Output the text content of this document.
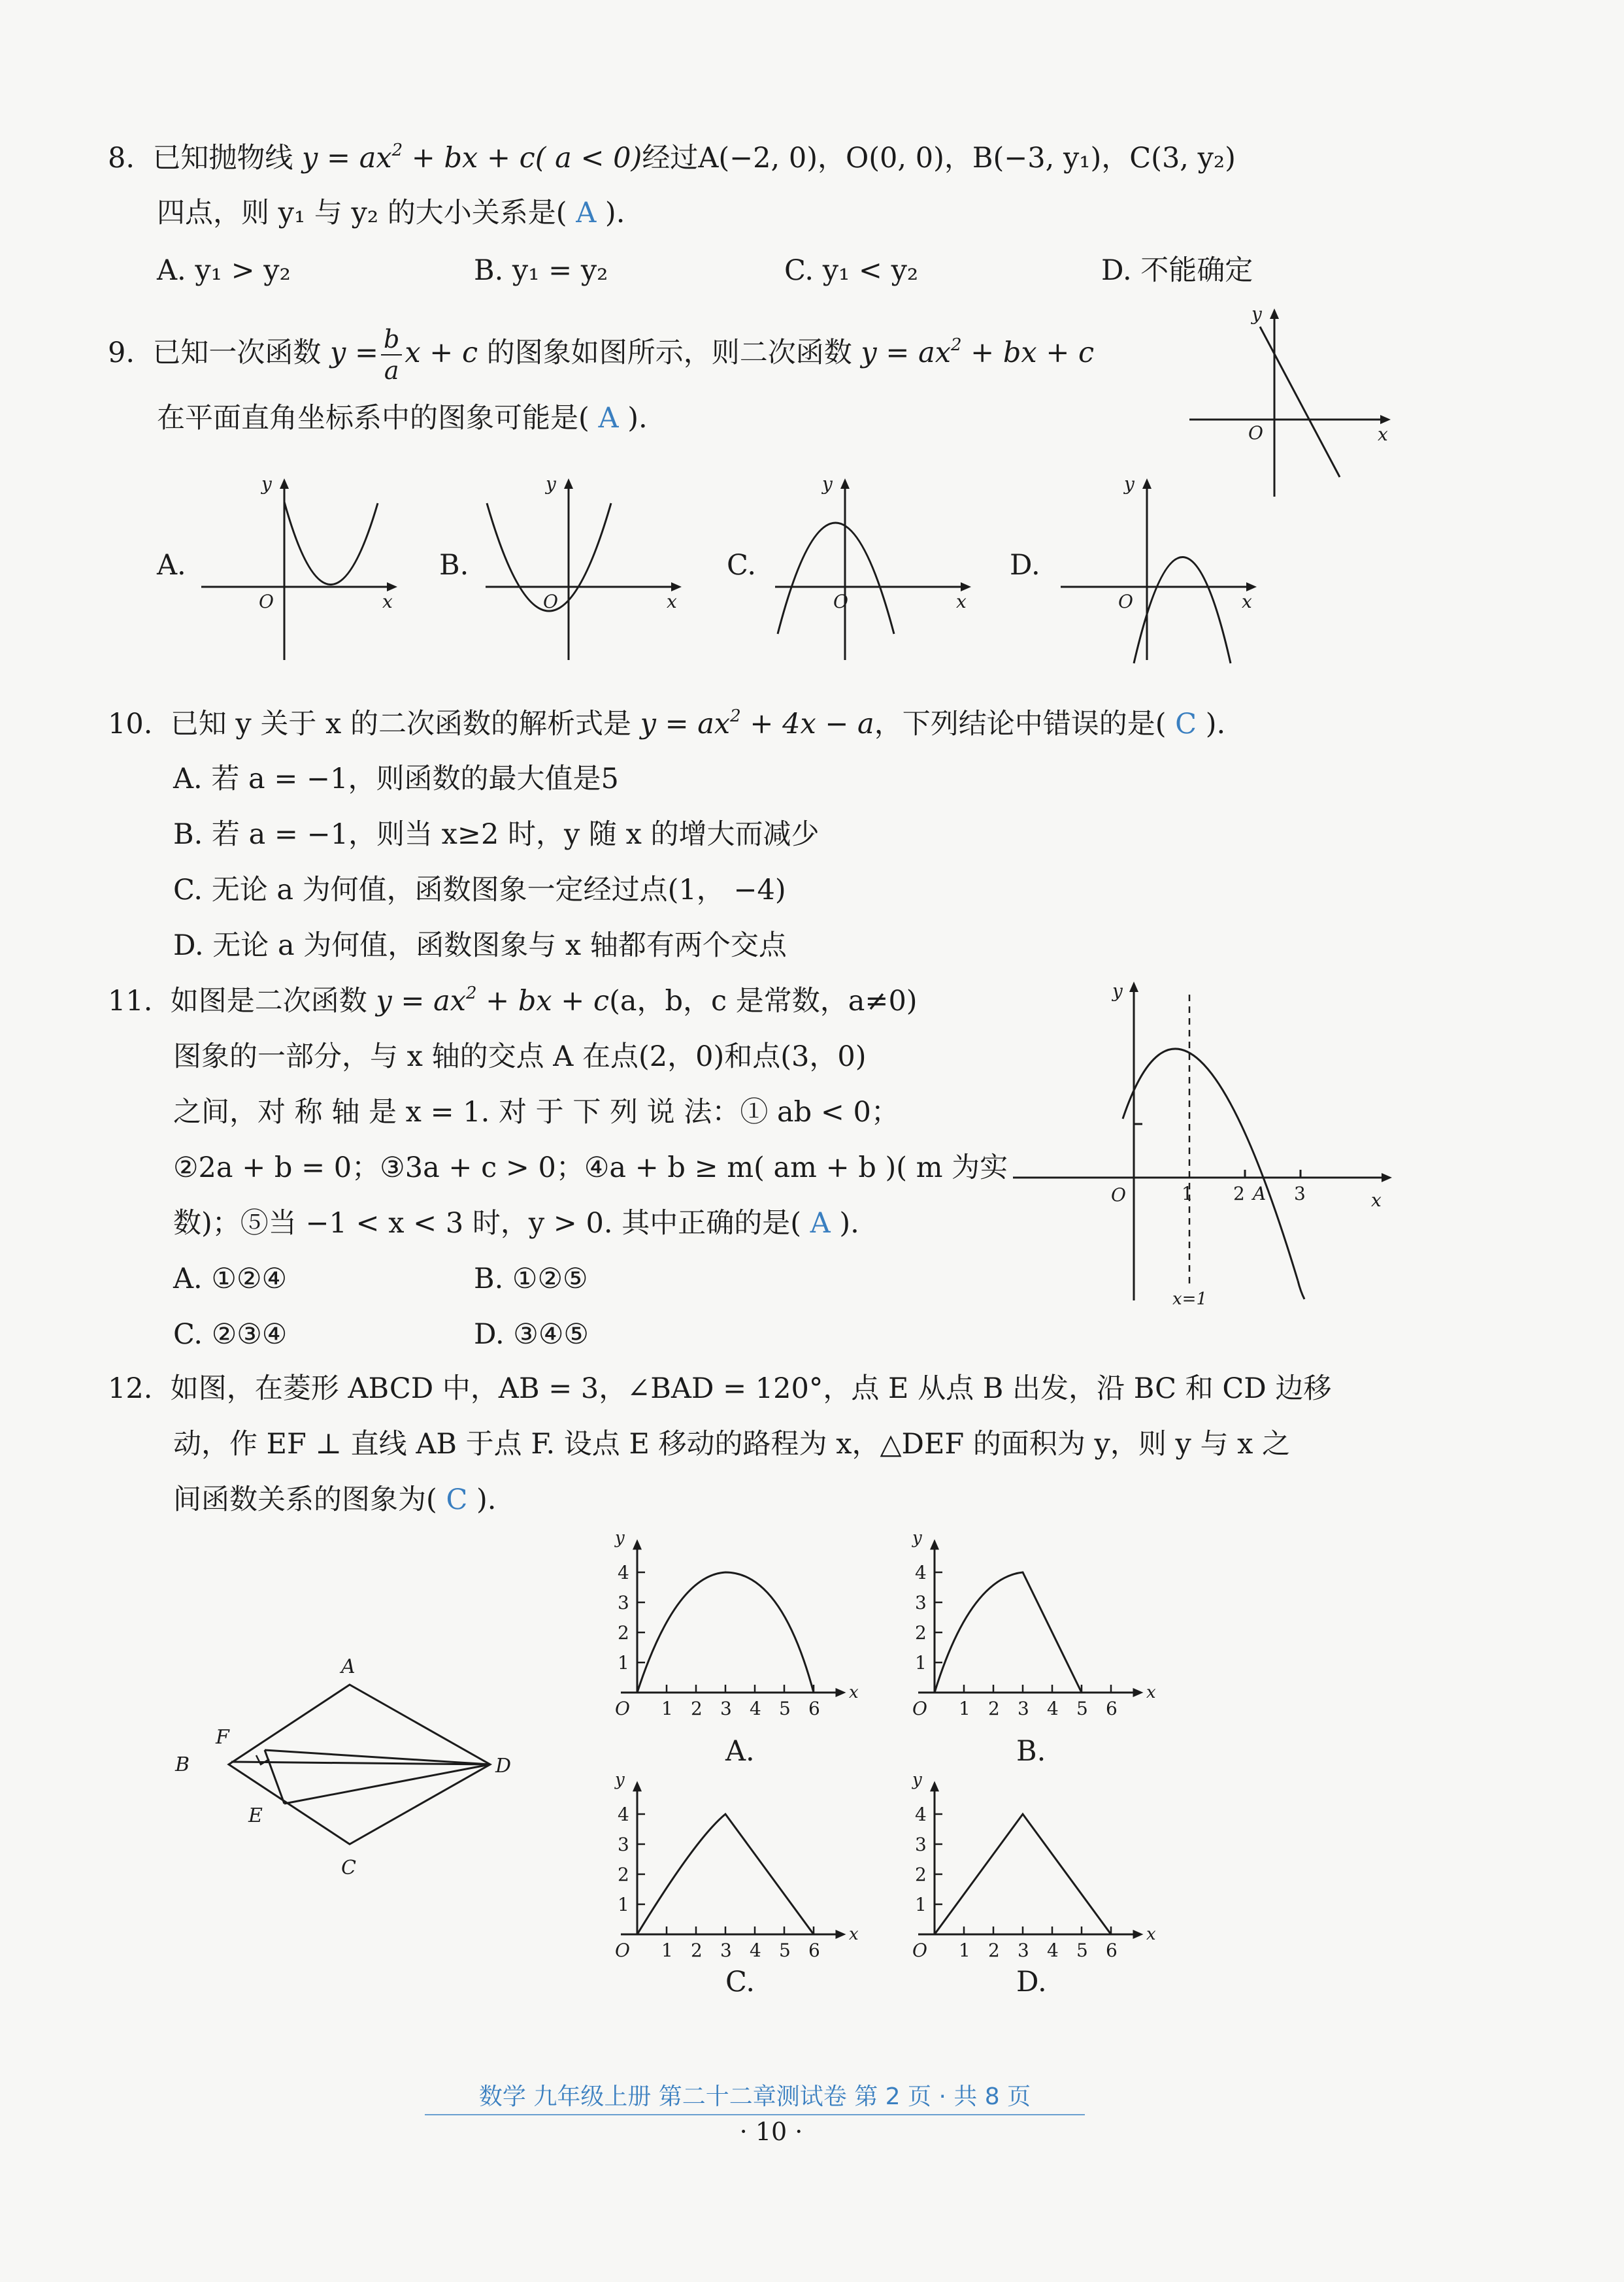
8. 已知抛物线 $y = ax^2$ + bx + c( a < 0)经过A(−2, 0)，O(0, 0)，B(−3, y₁)，C(3, y₂)
四点，则 y₁ 与 y₂ 的大小关系是( A ).
A. y₁ > y₂	B. y₁ = y₂	C. y₁ < y₂	D. 不能确定
9. 已知一次函数 $y = \frac{b}{a}$ x + c 的图象如图所示，则二次函数 $y = ax^2$ + bx + c
在平面直角坐标系中的图象可能是( A ).
y
x
O
A.
y
x
O
B.
y
x
O
C.
y
x
O
D.
y
x
O
10. 已知 y 关于 x 的二次函数的解析式是 $y = ax^2 + 4x - a$，下列结论中错误的是( C ).
A. 若 a = −1，则函数的最大值是5
B. 若 a = −1，则当 x≥2 时，y 随 x 的增大而减少
C. 无论 a 为何值，函数图象一定经过点(1， −4)
D. 无论 a 为何值，函数图象与 x 轴都有两个交点
11. 如图是二次函数 $y = ax^2$ + bx + c(a，b，c 是常数，a≠0)
图象的一部分，与 x 轴的交点 A 在点(2，0)和点(3，0)
之间，对 称 轴 是 x = 1. 对 于 下 列 说 法：① ab < 0；
②2a + b = 0；③3a + c > 0；④a + b ≥ m( am + b )( m 为实
数)；⑤当 −1 < x < 3 时，y > 0. 其中正确的是( A ).
A. ①②④	B. ①②⑤
C. ②③④	D. ③④⑤
y
x
O	1 2 A 3
x=1
12. 如图，在菱形 ABCD 中，AB = 3，∠BAD = 120°，点 E 从点 B 出发，沿 BC 和 CD 边移
动，作 EF ⊥ 直线 AB 于点 F. 设点 E 移动的路程为 x，△DEF 的面积为 y，则 y 与 x 之
间函数关系的图象为( C ).
A
B
C
D
E
F
1
2
3
4
1 2 3 4 5 6
O
y
x
A.
1
2
3
4
1 2 3 4 5 6
O
y
x
B.
1
2
3
4
1 2 3 4 5 6
O
y
x
C.
1
2
3
4
1 2 3 4 5 6
O
y
x
D.
数学 九年级上册 第二十二章测试卷 第 2 页 · 共 8 页
· 10 ·
